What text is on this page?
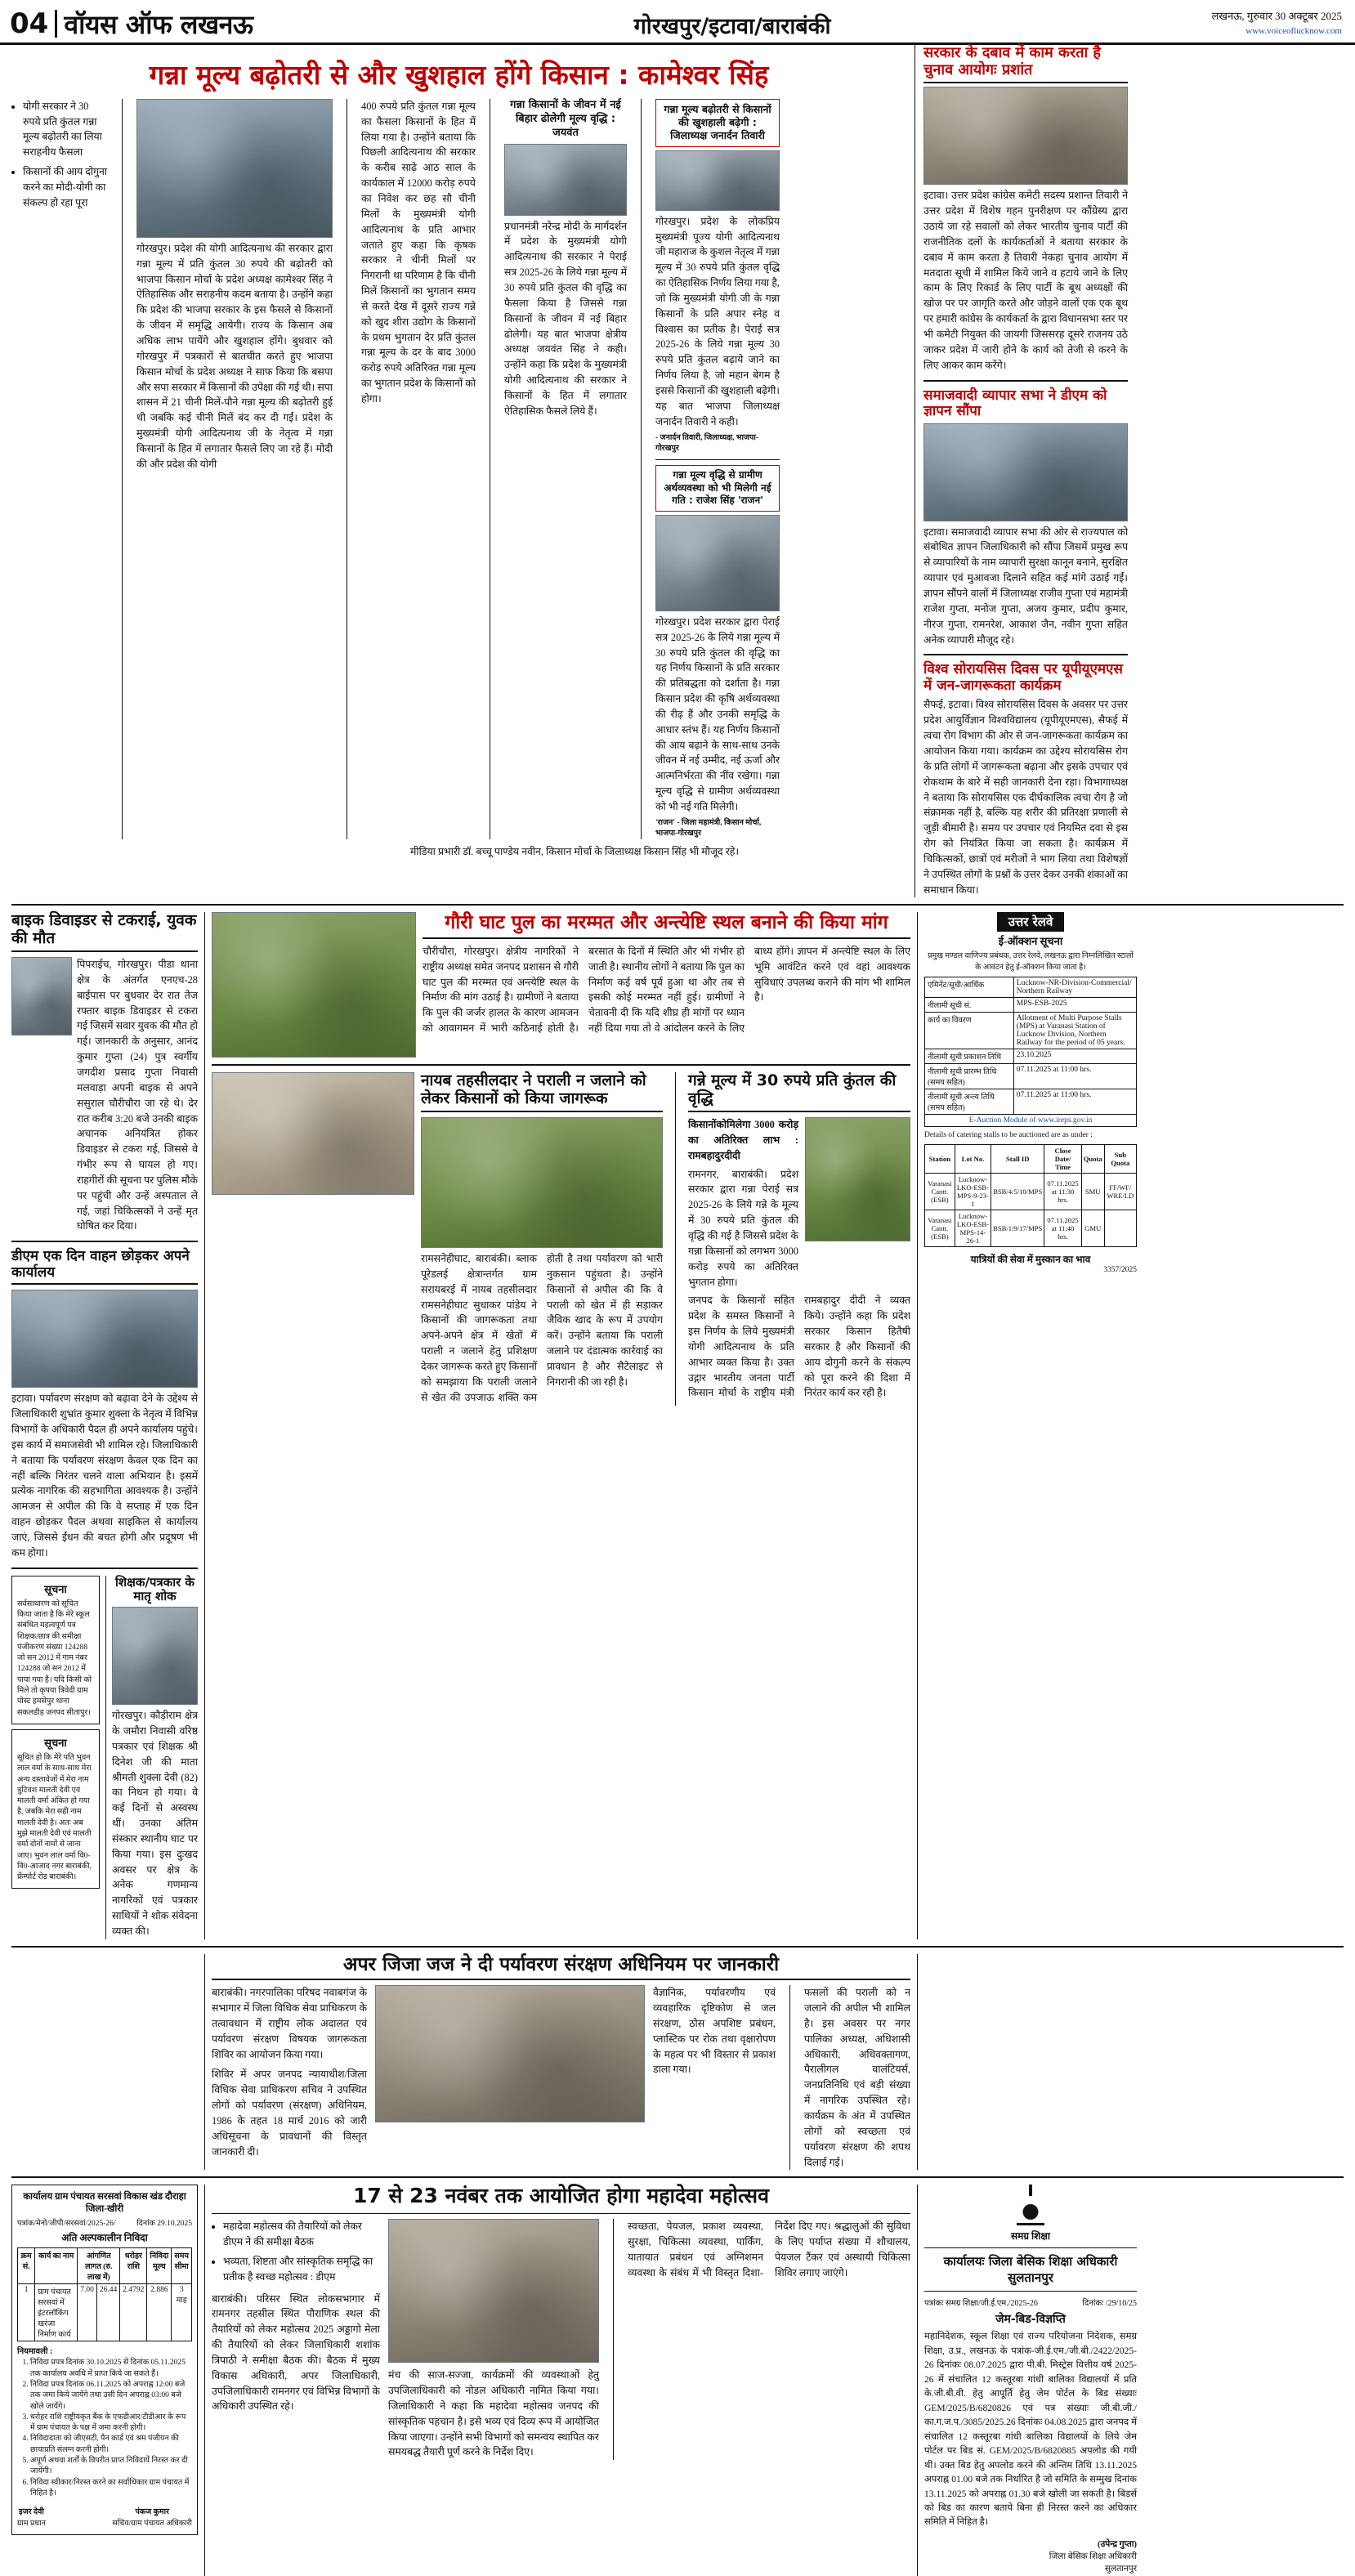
04 वॉयस ऑफ लखनऊ	गोरखपुर/इटावा/बाराबंकी	लखनऊ, गुरुवार 30 अक्टूबर 2025
www.voiceoflucknow.com
गन्ना मूल्य बढ़ोतरी से और खुशहाल होंगे किसान : कामेश्वर सिंह
• योगी सरकार ने 30 रुपये प्रति कुंतल गन्ना मूल्य बढ़ोतरी का लिया सराहनीय फैसला
• किसानों की आय दोगुना करने का मोदी-योगी का संकल्प हो रहा पूरा
गोरखपुर। प्रदेश की योगी आदित्यनाथ की सरकार द्वारा गन्ना मूल्य में प्रति कुंतल 30 रुपये की बढ़ोतरी को भाजपा किसान मोर्चा के प्रदेश अध्यक्ष कामेश्वर सिंह ने ऐतिहासिक और सराहनीय कदम बताया है। उन्होंने कहा कि प्रदेश की भाजपा सरकार के इस फैसले से किसानों के जीवन में समृद्धि आयेगी। राज्य के किसान अब अधिक लाभ पायेंगे और खुशहाल होंगे। बुधवार को गोरखपुर में पत्रकारों से बातचीत करते हुए भाजपा किसान मोर्चा के प्रदेश अध्यक्ष ने साफ किया कि बसपा और सपा सरकार में किसानों की उपेक्षा की गई थी। सपा शासन में 21 चीनी मिलें-पौने गन्ना मूल्य की बढ़ोतरी हुई थी जबकि कई चीनी मिलें बंद कर दी गईं। प्रदेश के मुख्यमंत्री योगी आदित्यनाथ जी के नेतृत्व में गन्ना किसानों के हित में लगातार फैसले लिए जा रहे हैं। मोदी की और प्रदेश की योगी
400 रुपये प्रति कुंतल गन्ना मूल्य का फैसला किसानों के हित में लिया गया है। उन्होंने बताया कि पिछली आदित्यनाथ की सरकार के करीब साढ़े आठ साल के कार्यकाल में 12000 करोड़ रुपये का निवेश कर छह सौ चीनी मिलों के मुख्यमंत्री योगी आदित्यनाथ के प्रति आभार जताते हुए कहा कि कृषक सरकार ने चीनी मिलों पर निगरानी था परिणाम है कि चीनी मिलें किसानों का भुगतान समय से करते देख में दूसरे राज्य गन्ने को खुद शीरा उद्योग के किसानों के प्रथम भुगतान देर प्रति कुंतल गन्ना मूल्य के दर के बाद 3000 करोड़ रुपये अतिरिक्त गन्ना मूल्य का भुगतान प्रदेश के किसानों को होगा।
गन्ना किसानों के जीवन में नई बिहार ढोलेगी मूल्य वृद्धि : जयवंत
प्रधानमंत्री नरेन्द्र मोदी के मार्गदर्शन में प्रदेश के मुख्यमंत्री योगी आदित्यनाथ की सरकार ने पेराई सत्र 2025-26 के लिये गन्ना मूल्य में 30 रुपये प्रति कुंतल की वृद्धि का फैसला किया है जिससे गन्ना किसानों के जीवन में नई बिहार ढोलेगी। यह बात भाजपा क्षेत्रीय अध्यक्ष जयवंत सिंह ने कही। उन्होंने कहा कि प्रदेश के मुख्यमंत्री योगी आदित्यनाथ की सरकार ने किसानों के हित में लगातार ऐतिहासिक फैसले लिये हैं।
गन्ना मूल्य बढ़ोतरी से किसानों की खुशहाली बढ़ेगी : जिलाध्यक्ष जनार्दन तिवारी
गोरखपुर। प्रदेश के लोकप्रिय मुख्यमंत्री पूज्य योगी आदित्यनाथ जी महाराज के कुशल नेतृत्व में गन्ना मूल्य में 30 रुपये प्रति कुंतल वृद्धि का ऐतिहासिक निर्णय लिया गया है, जो कि मुख्यमंत्री योगी जी के गन्ना किसानों के प्रति अपार स्नेह व विश्वास का प्रतीक है। पेराई सत्र 2025-26 के लिये गन्ना मूल्य 30 रुपये प्रति कुंतल बढ़ाये जाने का निर्णय लिया है, जो महान बेगम है इससे किसानों की खुशहाली बढ़ेगी। यह बात भाजपा जिलाध्यक्ष जनार्दन तिवारी ने कही।
- जनार्दन तिवारी, जिलाध्यक्ष, भाजपा-गोरखपुर
गन्ना मूल्य वृद्धि से ग्रामीण अर्थव्यवस्था को भी मिलेगी नई गति : राजेश सिंह 'राजन'
गोरखपुर। प्रदेश सरकार द्वारा पेराई सत्र 2025-26 के लिये गन्ना मूल्य में 30 रुपये प्रति कुंतल की वृद्धि का यह निर्णय किसानों के प्रति सरकार की प्रतिबद्धता को दर्शाता है। गन्ना किसान प्रदेश की कृषि अर्थव्यवस्था की रीढ़ हैं और उनकी समृद्धि के आधार स्तंभ हैं। यह निर्णय किसानों की आय बढ़ाने के साथ-साथ उनके जीवन में नई उम्मीद, नई ऊर्जा और आत्मनिर्भरता की नींव रखेगा। गन्ना मूल्य वृद्धि से ग्रामीण अर्थव्यवस्था को भी नई गति मिलेगी।
'राजन' - जिला महामंत्री, किसान मोर्चा, भाजपा-गोरखपुर
मीडिया प्रभारी डॉ. बच्चू पाण्डेय नवीन, किसान मोर्चा के जिलाध्यक्ष किसान सिंह भी मौजूद रहे।
सरकार के दबाव में काम करता है चुनाव आयोगः प्रशांत
इटावा। उत्तर प्रदेश कांग्रेस कमेटी सदस्य प्रशान्त तिवारी ने उत्तर प्रदेश में विशेष गहन पुनरीक्षण पर कौंग्रेस्य द्वारा उठाये जा रहे सवालों को लेकर भारतीय चुनाव पार्टी की राजनीतिक दलों के कार्यकर्ताओं ने बताया सरकार के दबाव में काम करता है तिवारी नेकहा चुनाव आयोग में मतदाता सूची में शामिल किये जाने व हटाये जाने के लिए काम के लिए रिकार्ड के लिए पार्टी के बूथ अध्यक्षों की खोज पर पर जागृति करते और जोड़ने वालों एक एक बूथ पर हमारी कांग्रेस के कार्यकर्ता के द्वारा विधानसभा स्तर पर भी कमेटी नियुक्त की जायगी जिससरह दूसरे राजनय उठे जाकर प्रदेश में जारी होने के कार्य को तेजी से करने के लिए आकर काम करेंगे।
समाजवादी व्यापार सभा ने डीएम को ज्ञापन सौंपा
इटावा। समाजवादी व्यापार सभा की ओर से राज्यपाल को संबोधित ज्ञापन जिलाधिकारी को सौंपा जिसमें प्रमुख रूप से व्यापारियों के नाम व्यापारी सुरक्षा कानून बनाने, सुरक्षित व्यापार एवं मुआवजा दिलाने सहित कई मांगे उठाई गईं। ज्ञापन सौंपने वालों में जिलाध्यक्ष राजीव गुप्ता एवं महामंत्री राजेश गुप्ता, मनोज गुप्ता, अजय कुमार, प्रदीप कुमार, नीरज गुप्ता, रामनरेश, आकाश जैन, नवीन गुप्ता सहित अनेक व्यापारी मौजूद रहे।
विश्व सोरायसिस दिवस पर यूपीयूएमएस में जन-जागरूकता कार्यक्रम
सैफई, इटावा। विश्व सोरायसिस दिवस के अवसर पर उत्तर प्रदेश आयुर्विज्ञान विश्वविद्यालय (यूपीयूएमएस), सैफई में त्वचा रोग विभाग की ओर से जन-जागरूकता कार्यक्रम का आयोजन किया गया। कार्यक्रम का उद्देश्य सोरायसिस रोग के प्रति लोगों में जागरूकता बढ़ाना और इसके उपचार एवं रोकथाम के बारे में सही जानकारी देना रहा। विभागाध्यक्ष ने बताया कि सोरायसिस एक दीर्घकालिक त्वचा रोग है जो संक्रामक नहीं है, बल्कि यह शरीर की प्रतिरक्षा प्रणाली से जुड़ी बीमारी है। समय पर उपचार एवं नियमित दवा से इस रोग को नियंत्रित किया जा सकता है। कार्यक्रम में चिकित्सकों, छात्रों एवं मरीजों ने भाग लिया तथा विशेषज्ञों ने उपस्थित लोगों के प्रश्नों के उत्तर देकर उनकी शंकाओं का समाधान किया।
बाइक डिवाइडर से टकराई, युवक की मौत
पिपराईच, गोरखपुर। पीडा थाना क्षेत्र के अंतर्गत एनएच-28 बाईपास पर बुधवार देर रात तेज रफ्तार बाइक डिवाइडर से टकरा गई जिसमें सवार युवक की मौत हो गई। जानकारी के अनुसार, आनंद कुमार गुप्ता (24) पुत्र स्वर्गीय जगदीश प्रसाद गुप्ता निवासी मलवाड़ा अपनी बाइक से अपने ससुराल चौरीचौरा जा रहे थे। देर रात करीब 3:20 बजे उनकी बाइक अचानक अनियंत्रित होकर डिवाइडर से टकरा गई, जिससे वे गंभीर रूप से घायल हो गए। राहगीरों की सूचना पर पुलिस मौके पर पहुंची और उन्हें अस्पताल ले गई, जहां चिकित्सकों ने उन्हें मृत घोषित कर दिया।
डीएम एक दिन वाहन छोड़कर अपने कार्यालय
इटावा। पर्यावरण संरक्षण को बढ़ावा देने के उद्देश्य से जिलाधिकारी शुभ्रांत कुमार शुक्ला के नेतृत्व में विभिन्न विभागों के अधिकारी पैदल ही अपने कार्यालय पहुंचे। इस कार्य में समाजसेवी भी शामिल रहे। जिलाधिकारी ने बताया कि पर्यावरण संरक्षण केवल एक दिन का नहीं बल्कि निरंतर चलने वाला अभियान है। इसमें प्रत्येक नागरिक की सहभागिता आवश्यक है। उन्होंने आमजन से अपील की कि वे सप्ताह में एक दिन वाहन छोड़कर पैदल अथवा साइकिल से कार्यालय जाएं, जिससे ईंधन की बचत होगी और प्रदूषण भी कम होगा।
सूचना
सर्वसाधारण को सूचित किया जाता है कि मेरे स्कूल संबंधित महत्वपूर्ण पत्र शिक्षक/छात्र की समीक्षा पंजीकरण संख्या 124288 जो सन 2012 में गाम नंबर 124288 जो सन 2012 में पाया गया है। यदि किसी को मिले तो कृपया त्रिवेदी ग्राम पोस्ट हमसेपुर थाना सकलडीह जनपद सीतापुर।
सूचना
सूचित हो कि मेरे पति भुवन लाल वर्मा के साथ-साथ मेरा अन्य दस्तावेजों में मेरा नाम त्रुटिवश मालती देवी एवं मालती वर्मा अंकित हो गया है, जबकि मेरा सही नाम मालती देवी है। अतः अब मुझे मालती देवी एवं मालती वर्मा दोनों नामों से जाना जाए। भुवन लाल वर्मा वि0-वि0-आजाद नगर बाराबंकी, फ्रेंम्पोर्ट रोड बाराबंकी।
शिक्षक/पत्रकार के मातृ शोक
गोरखपुर। कौड़ीराम क्षेत्र के जमौरा निवासी वरिष्ठ पत्रकार एवं शिक्षक श्री दिनेश जी की माता श्रीमती शुक्ला देवी (82) का निधन हो गया। वे कई दिनों से अस्वस्थ थीं। उनका अंतिम संस्कार स्थानीय घाट पर किया गया। इस दुःखद अवसर पर क्षेत्र के अनेक गणमान्य नागरिकों एवं पत्रकार साथियों ने शोक संवेदना व्यक्त की।
गौरी घाट पुल का मरम्मत और अन्त्येष्टि स्थल बनाने की किया मांग
चौरीचौरा, गोरखपुर। क्षेत्रीय नागरिकों ने राष्ट्रीय अध्यक्ष समेत जनपद प्रशासन से गौरी घाट पुल की मरम्मत एवं अन्त्येष्टि स्थल के निर्माण की मांग उठाई है। ग्रामीणों ने बताया कि पुल की जर्जर हालत के कारण आमजन को आवागमन में भारी कठिनाई होती है। बरसात के दिनों में स्थिति और भी गंभीर हो जाती है। स्थानीय लोगों ने बताया कि पुल का निर्माण कई वर्ष पूर्व हुआ था और तब से इसकी कोई मरम्मत नहीं हुई। ग्रामीणों ने चेतावनी दी कि यदि शीघ्र ही मांगों पर ध्यान नहीं दिया गया तो वे आंदोलन करने के लिए बाध्य होंगे। ज्ञापन में अन्त्येष्टि स्थल के लिए भूमि आवंटित करने एवं वहां आवश्यक सुविधाएं उपलब्ध कराने की मांग भी शामिल है।
नायब तहसीलदार ने पराली न जलाने को लेकर किसानों को किया जागरूक
रामसनेहीघाट, बाराबंकी। ब्लाक पूरेडलई क्षेत्रान्तर्गत ग्राम सरायबरई में नायब तहसीलदार रामसनेहीघाट सुधाकर पांडेय ने किसानों की जागरूकता तथा अपने-अपने क्षेत्र में खेतों में पराली न जलाने हेतु प्रशिक्षण देकर जागरूक करते हुए किसानों को समझाया कि पराली जलाने से खेत की उपजाऊ शक्ति कम होती है तथा पर्यावरण को भारी नुकसान पहुंचता है। उन्होंने किसानों से अपील की कि वे पराली को खेत में ही सड़ाकर जैविक खाद के रूप में उपयोग करें। उन्होंने बताया कि पराली जलाने पर दंडात्मक कार्रवाई का प्रावधान है और सैटेलाइट से निगरानी की जा रही है।
गन्ने मूल्य में 30 रुपये प्रति कुंतल की वृद्धि
किसानोंकोमिलेगा 3000 करोड़ का अतिरिक्त लाभ : रामबहादुरदीदी
रामनगर, बाराबंकी। प्रदेश सरकार द्वारा गन्ना पेराई सत्र 2025-26 के लिये गन्ने के मूल्य में 30 रुपये प्रति कुंतल की वृद्धि की गई है जिससे प्रदेश के गन्ना किसानों को लगभग 3000 करोड़ रुपये का अतिरिक्त भुगतान होगा।
जनपद के किसानों सहित प्रदेश के समस्त किसानों ने इस निर्णय के लिये मुख्यमंत्री योगी आदित्यनाथ के प्रति आभार व्यक्त किया है। उक्त उद्गार भारतीय जनता पार्टी किसान मोर्चा के राष्ट्रीय मंत्री रामबहादुर दीदी ने व्यक्त किये। उन्होंने कहा कि प्रदेश सरकार किसान हितैषी सरकार है और किसानों की आय दोगुनी करने के संकल्प को पूरा करने की दिशा में निरंतर कार्य कर रही है।
उत्तर रेलवे
ई-ऑक्शन सूचना
प्रमुख मण्डल वाणिज्य प्रबंधक, उत्तर रेलवे, लखनऊ द्वारा निम्नलिखित स्टालों के आवंटन हेतु ई-ऑक्शन किया जाता है।
एमिनेंट/सूची/आर्थिक	Lucknow-NR-Division-Commercial/ Northern Railway
नीलामी सूची सं.	MPS-ESB-2025
कार्य का विवरण	Allotment of Multi Purpose Stalls (MPS) at Varanasi Station of Lucknow Division, Northern Railway for the period of 05 years.
नीलामी सूची प्रकाशन तिथि	23.10.2025
नीलामी सूची प्रारम्भ तिथि (समय सहित)	07.11.2025 at 11:00 hrs.
नीलामी सूची अन्त्य तिथि (समय सहित)	07.11.2025 at 11:00 hrs.
E-Auction Module of www.ireps.gov.in	
Details of catering stalls to be auctioned are as under :
Station	Lot No.	Stall ID	Close Date/ Time	Quota	Sub Quota
Varanasi Cantt. (ESB)	Lucknow-LKO-ESB-MPS-9-23-1	BSB/4/5/10/MPS	07.11.2025 at 11:30 hrs.	SMU	FF/WF/ WRE/LD
Varanasi Cantt. (ESB)	Lucknow-LKO-ESB-MPS-14-26-1	BSB/1/9/17/MPS	07.11.2025 at 11:40 hrs.	GMU	
यात्रियों की सेवा में मुस्कान का भाव
3357/2025
अपर जिजा जज ने दी पर्यावरण संरक्षण अधिनियम पर जानकारी
बाराबंकी। नगरपालिका परिषद नवाबगंज के सभागार में जिला विधिक सेवा प्राधिकरण के तत्वावधान में राष्ट्रीय लोक अदालत एवं पर्यावरण संरक्षण विषयक जागरूकता शिविर का आयोजन किया गया।
शिविर में अपर जनपद न्यायाधीश/जिला विधिक सेवा प्राधिकरण सचिव ने उपस्थित लोगों को पर्यावरण (संरक्षण) अधिनियम, 1986 के तहत 18 मार्च 2016 को जारी अधिसूचना के प्रावधानों की विस्तृत जानकारी दी।
वैज्ञानिक, पर्यावरणीय एवं व्यवहारिक दृष्टिकोण से जल संरक्षण, ठोस अपशिष्ट प्रबंधन, प्लास्टिक पर रोक तथा वृक्षारोपण के महत्व पर भी विस्तार से प्रकाश डाला गया।
फसलों की पराली को न जलाने की अपील भी शामिल है। इस अवसर पर नगर पालिका अध्यक्ष, अधिशासी अधिकारी, अधिवक्तागण, पैरालीगल वालंटियर्स, जनप्रतिनिधि एवं बड़ी संख्या में नागरिक उपस्थित रहे। कार्यक्रम के अंत में उपस्थित लोगों को स्वच्छता एवं पर्यावरण संरक्षण की शपथ दिलाई गई।
कार्यालय ग्राम पंचायत सरसवां विकास खंड दौराहा जिला-खीरी
पत्रांक/मेनो/जीपी/सरसवां/2025-26/	दिनांक 29.10.2025
अति अल्पकालीन निविदा
क्रम सं.	कार्य का नाम	आंगणित लागत (रु. लाख में)		धरोहर राशि	निविदा मूल्य	समय सीमा
1	ग्राम पंचायत सरसवां में इंटरलॉकिंग खरंजा निर्माण कार्य	7.00	26.44	2.4792	2.886	3 माह
नियमावली :
1. निविदा प्रपत्र दिनांक 30.10.2025 से दिनांक 05.11.2025 तक कार्यालय अवधि में प्राप्त किये जा सकते हैं।
2. निविदा प्रपत्र दिनांक 06.11.2025 को अपराह्न 12:00 बजे तक जमा किये जायेंगे तथा उसी दिन अपराह्न 03:00 बजे खोले जायेंगे।
3. धरोहर राशि राष्ट्रीयकृत बैंक के एफडीआर/टीडीआर के रूप में ग्राम पंचायत के पक्ष में जमा करनी होगी।
4. निविदादाता को जीएसटी, पैन कार्ड एवं श्रम पंजीयन की छायाप्रति संलग्न करनी होगी।
5. अपूर्ण अथवा शर्तों के विपरीत प्राप्त निविदायें निरस्त कर दी जायेंगी।
6. निविदा स्वीकार/निरस्त करने का सर्वाधिकार ग्राम पंचायत में निहित है।
इजर देवी
ग्राम प्रधान
पंकज कुमार
सचिव/ग्राम पंचायत अधिकारी
17 से 23 नवंबर तक आयोजित होगा महादेवा महोत्सव
• महादेवा महोत्सव की तैयारियों को लेकर डीएम ने की समीक्षा बैठक
• भव्यता, शिष्टता और सांस्कृतिक समृद्धि का प्रतीक है स्वच्छ महोत्सव : डीएम
बाराबंकी। परिसर स्थित लोकसभागार में रामनगर तहसील स्थित पौराणिक स्थल की तैयारियों को लेकर महोत्सव 2025 अड्डागो मेला की तैयारियों को लेकर जिलाधिकारी शशांक त्रिपाठी ने समीक्षा बैठक की। बैठक में मुख्य विकास अधिकारी, अपर जिलाधिकारी, उपजिलाधिकारी रामनगर एवं विभिन्न विभागों के अधिकारी उपस्थित रहे।
मंच की साज-सज्जा, कार्यक्रमों की व्यवस्थाओं हेतु उपजिलाधिकारी को नोडल अधिकारी नामित किया गया। जिलाधिकारी ने कहा कि महादेवा महोत्सव जनपद की सांस्कृतिक पहचान है। इसे भव्य एवं दिव्य रूप में आयोजित किया जाएगा। उन्होंने सभी विभागों को समन्वय स्थापित कर समयबद्ध तैयारी पूर्ण करने के निर्देश दिए।
स्वच्छता, पेयजल, प्रकाश व्यवस्था, सुरक्षा, चिकित्सा व्यवस्था, पार्किंग, यातायात प्रबंधन एवं अग्निशमन व्यवस्था के संबंध में भी विस्तृत दिशा-निर्देश दिए गए। श्रद्धालुओं की सुविधा के लिए पर्याप्त संख्या में शौचालय, पेयजल टैंकर एवं अस्थायी चिकित्सा शिविर लगाए जाएंगे।
समग्र शिक्षा
कार्यालयः जिला बेसिक शिक्षा अधिकारी सुलतानपुर
पत्रांकः समग्र शिक्षा/जी.ई.एम./2025-26	दिनांकः /29/10/25
जेम-बिड-विज्ञप्ति
महानिदेशक, स्कूल शिक्षा एवं राज्य परियोजना निदेशक, समग्र शिक्षा, उ.प्र., लखनऊ के पत्रांक-जी.ई.एम./जी.बी./2422/2025-26 दिनांकः 08.07.2025 द्वारा पी.बी. मिस्ट्रेस वित्तीय वर्ष 2025-26 में संचालित 12 कस्तूरबा गांधी बालिका विद्यालयों में प्रति के.जी.बी.वी. हेतु आपूर्ति हेतु जेम पोर्टल के बिड संख्याः GEM/2025/B/6820826 एवं पत्र संख्याः जी.बी.जी./का.ग.ज.प./3085/2025.26 दिनांकः 04.08.2025 द्वारा जनपद में संचालित 12 कस्तूरबा गांधी बालिका विद्यालयों के लिये जेम पोर्टल पर बिड सं. GEM/2025/B/6820885 अपलोड की गयी थी। उक्त बिड हेतु अपलोड करने की अन्तिम तिथि 13.11.2025 अपराह्न 01.00 बजे तक निर्धारित है जो समिति के सम्मुख दिनांक 13.11.2025 को अपराह्न 01.30 बजे खोली जा सकती है। बिडर्स को बिड का कारण बताये बिना ही निरस्त करने का अधिकार समिति में निहित है।
(उपेन्द्र गुप्ता)
जिला बेसिक शिक्षा अधिकारी
सुलतानपुर
